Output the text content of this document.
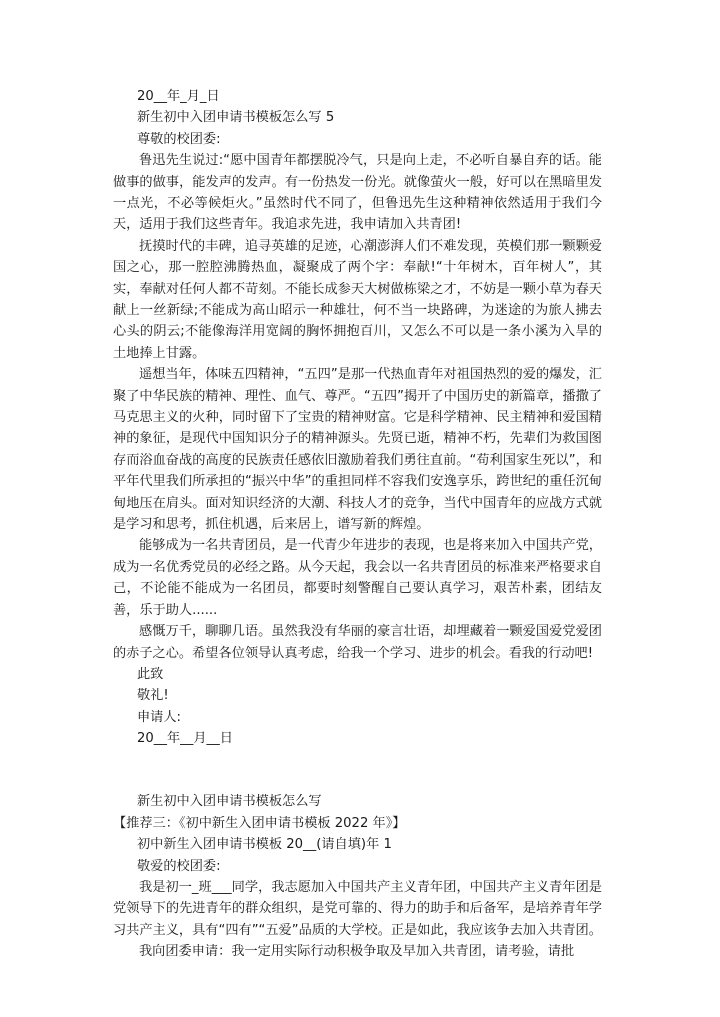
20__年_月_日
新生初中入团申请书模板怎么写 5
尊敬的校团委:

鲁迅先生说过:“愿中国青年都摆脱冷气，只是向上走，不必听自暴自弃的话。能做事的做事，能发声的发声。有一份热发一份光。就像萤火一般，好可以在黑暗里发一点光，不必等候炬火。”虽然时代不同了，但鲁迅先生这种精神依然适用于我们今天，适用于我们这些青年。我追求先进，我申请加入共青团!

抚摸时代的丰碑，追寻英雄的足迹，心潮澎湃人们不难发现，英模们那一颗颗爱国之心，那一腔腔沸腾热血，凝聚成了两个字：奉献!“十年树木，百年树人”，其实，奉献对任何人都不苛刻。不能长成参天大树做栋梁之才，不妨是一颗小草为春天献上一丝新绿;不能成为高山昭示一种雄壮，何不当一块路碑，为迷途的为旅人拂去心头的阴云;不能像海洋用宽阔的胸怀拥抱百川，又怎么不可以是一条小溪为入旱的土地捧上甘露。

遥想当年，体味五四精神，“五四”是那一代热血青年对祖国热烈的爱的爆发，汇聚了中华民族的精神、理性、血气、尊严。“五四”揭开了中国历史的新篇章，播撒了马克思主义的火种，同时留下了宝贵的精神财富。它是科学精神、民主精神和爱国精神的象征，是现代中国知识分子的精神源头。先贤已逝，精神不朽，先辈们为救国图存而浴血奋战的高度的民族责任感依旧激励着我们勇往直前。“苟利国家生死以”，和平年代里我们所承担的“振兴中华”的重担同样不容我们安逸享乐，跨世纪的重任沉甸甸地压在肩头。面对知识经济的大潮、科技人才的竞争，当代中国青年的应战方式就是学习和思考，抓住机遇，后来居上，谱写新的辉煌。

能够成为一名共青团员，是一代青少年进步的表现，也是将来加入中国共产党，成为一名优秀党员的必经之路。从今天起，我会以一名共青团员的标准来严格要求自己，不论能不能成为一名团员，都要时刻警醒自己要认真学习，艰苦朴素，团结友善，乐于助人......

感慨万千，聊聊几语。虽然我没有华丽的豪言壮语，却埋藏着一颗爱国爱党爱团的赤子之心。希望各位领导认真考虑，给我一个学习、进步的机会。看我的行动吧!

此致
敬礼!
申请人:
20__年__月__日
新生初中入团申请书模板怎么写
【推荐三：《初中新生入团申请书模板 2022 年》】
初中新生入团申请书模板 20__(请自填)年 1
敬爱的校团委:

我是初一_班___同学，我志愿加入中国共产主义青年团，中国共产主义青年团是党领导下的先进青年的群众组织，是党可靠的、得力的助手和后备军，是培养青年学习共产主义，具有“四有”“五爱”品质的大学校。正是如此，我应该争去加入共青团。

我向团委申请：我一定用实际行动积极争取及早加入共青团，请考验，请批
